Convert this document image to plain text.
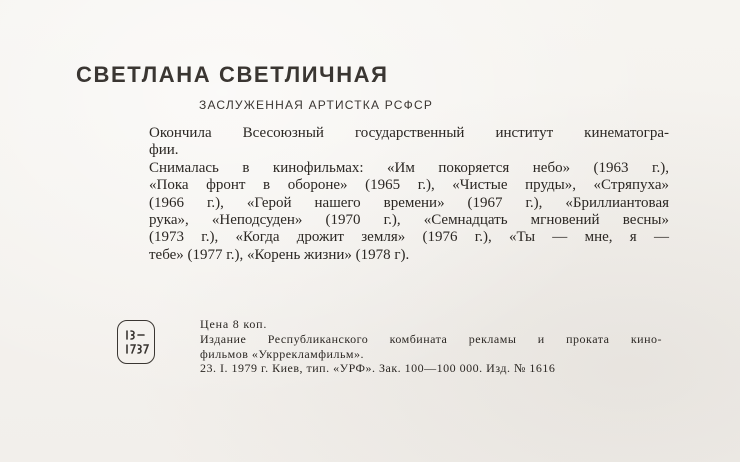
СВЕТЛАНА СВЕТЛИЧНАЯ
ЗАСЛУЖЕННАЯ АРТИСТКА РСФСР
Окончила Всесоюзный государственный институт кинематогра-
фии.
Снималась в кинофильмах: «Им покоряется небо» (1963 г.),
«Пока фронт в обороне» (1965 г.), «Чистые пруды», «Стряпуха»
(1966 г.), «Герой нашего времени» (1967 г.), «Бриллиантовая
рука», «Неподсуден» (1970 г.), «Семнадцать мгновений весны»
(1973 г.), «Когда дрожит земля» (1976 г.), «Ты — мне, я —
тебе» (1977 г.), «Корень жизни» (1978 г).
Цена 8 коп.
Издание Республиканского комбината рекламы и проката кино-
фильмов «Укррекламфильм».
23. I. 1979 г. Киев, тип. «УРФ». Зак. 100—100 000. Изд. № 1616
